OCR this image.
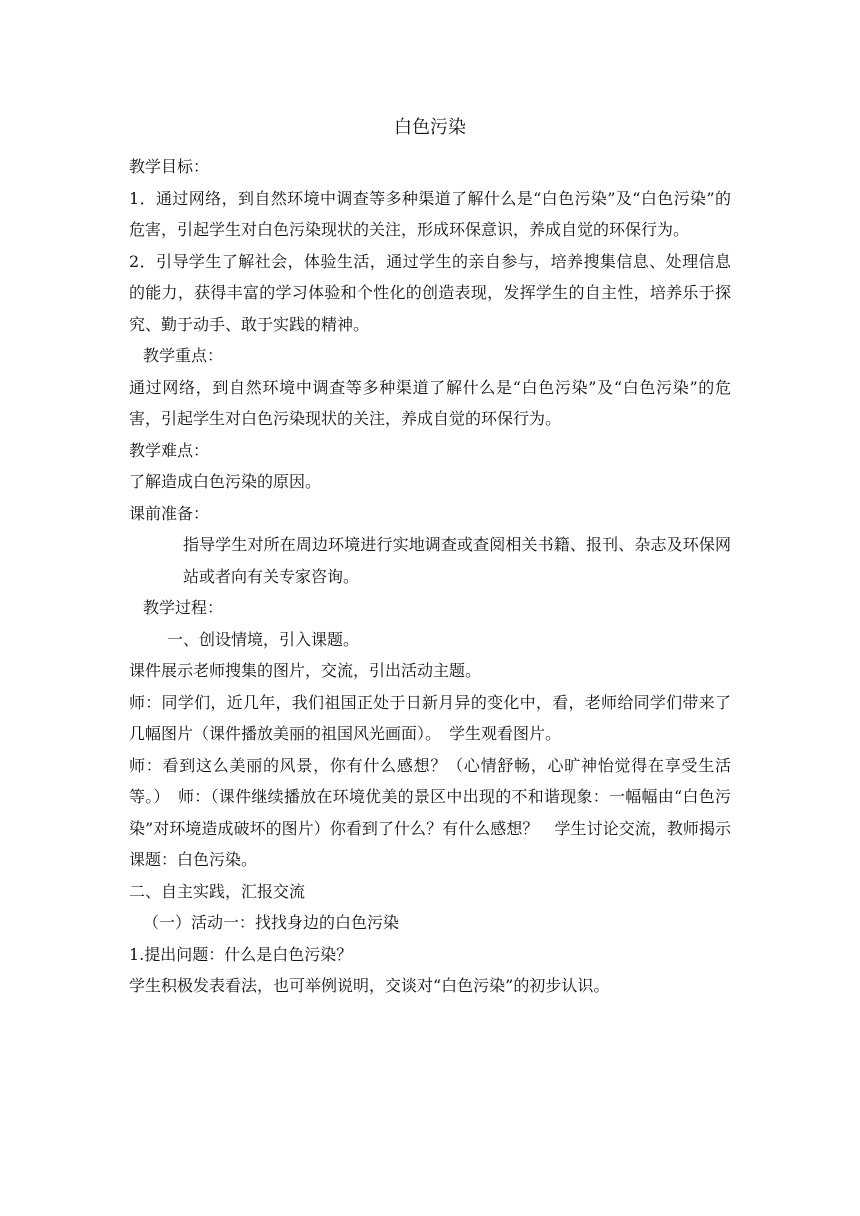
白色污染

教学目标：

1．通过网络，到自然环境中调查等多种渠道了解什么是“白色污染”及“白色污染”的危害，引起学生对白色污染现状的关注，形成环保意识，养成自觉的环保行为。

2．引导学生了解社会，体验生活，通过学生的亲自参与，培养搜集信息、处理信息的能力，获得丰富的学习体验和个性化的创造表现，发挥学生的自主性，培养乐于探究、勤于动手、敢于实践的精神。

教学重点：

通过网络，到自然环境中调查等多种渠道了解什么是“白色污染”及“白色污染”的危害，引起学生对白色污染现状的关注，养成自觉的环保行为。

教学难点：

了解造成白色污染的原因。

课前准备：

指导学生对所在周边环境进行实地调查或查阅相关书籍、报刊、杂志及环保网站或者向有关专家咨询。

教学过程：

一、创设情境，引入课题。

课件展示老师搜集的图片，交流，引出活动主题。

师：同学们，近几年，我们祖国正处于日新月异的变化中，看，老师给同学们带来了几幅图片（课件播放美丽的祖国风光画面）。　学生观看图片。

师：看到这么美丽的风景，你有什么感想？（心情舒畅，心旷神怡觉得在享受生活等。）　师：（课件继续播放在环境优美的景区中出现的不和谐现象：一幅幅由“白色污染”对环境造成破坏的图片）你看到了什么？有什么感想？　学生讨论交流，教师揭示课题：白色污染。

二、自主实践，汇报交流

（一）活动一：找找身边的白色污染

1.提出问题：什么是白色污染？

学生积极发表看法，也可举例说明，交谈对“白色污染”的初步认识。
